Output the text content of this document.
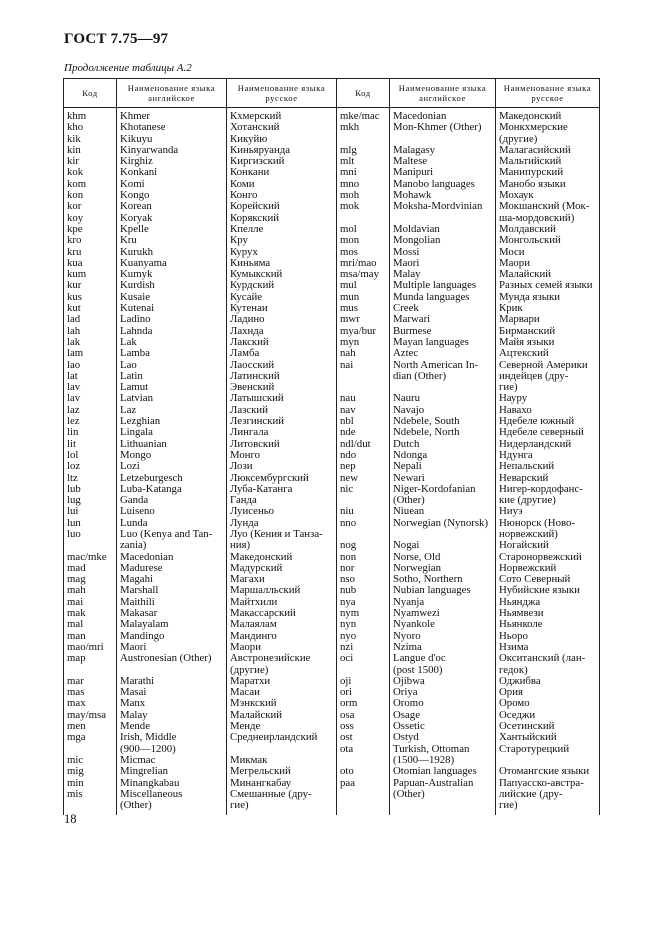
ГОСТ 7.75—97
Продолжение таблицы А.2
Код	Наименование языка английское	Наименование языка русское	Код	Наименование языка английское	Наименование языка русское
khm	Khmer	Кхмерский	mke/mac	Macedonian	Македонский
kho	Khotanese	Хотанский	mkh	Mon-Khmer (Other)	Монкхмерские
kik	Kikuyu	Кикуйю			(другие)
kin	Kinyarwanda	Киньяруанда	mlg	Malagasy	Малагасийский
kir	Kirghiz	Киргизский	mlt	Maltese	Мальтийский
kok	Konkani	Конкани	mni	Manipuri	Манипурский
kom	Komi	Коми	mno	Manobo languages	Манобо языки
kon	Kongo	Конго	moh	Mohawk	Мохаук
kor	Korean	Корейский	mok	Moksha-Mordvinian	Мокшанский (Мок-
koy	Koryak	Корякский			ша-мордовский)
kpe	Kpelle	Кпелле	mol	Moldavian	Молдавский
kro	Kru	Кру	mon	Mongolian	Монгольский
kru	Kurukh	Курух	mos	Mossi	Моси
kua	Kuanyama	Киньяма	mri/mao	Maori	Маори
kum	Kumyk	Кумыкский	msa/may	Malay	Малайский
kur	Kurdish	Курдский	mul	Multiple languages	Разных семей языки
kus	Kusaie	Кусайе	mun	Munda languages	Мунда языки
kut	Kutenai	Кутенаи	mus	Creek	Крик
lad	Ladino	Ладино	mwr	Marwari	Марвари
lah	Lahnda	Лахнда	mya/bur	Burmese	Бирманский
lak	Lak	Лакский	myn	Mayan languages	Майя языки
lam	Lamba	Ламба	nah	Aztec	Ацтекский
lao	Lao	Лаосский	nai	North American In-	Северной Америки
lat	Latin	Латинский		dian (Other)	индейцев (дру-
lav	Lamut	Эвенский			гие)
lav	Latvian	Латышский	nau	Nauru	Науру
laz	Laz	Лазский	nav	Navajo	Навахо
lez	Lezghian	Лезгинский	nbl	Ndebele, South	Ндебеле южный
lin	Lingala	Лингала	nde	Ndebele, North	Ндебеле северный
lit	Lithuanian	Литовский	ndl/dut	Dutch	Нидерландский
lol	Mongo	Монго	ndo	Ndonga	Ндунга
loz	Lozi	Лози	nep	Nepali	Непальский
ltz	Letzeburgesch	Люксембургский	new	Newari	Неварский
lub	Luba-Katanga	Луба-Катанга	nic	Niger-Kordofanian	Нигер-кордофанс-
lug	Ganda	Ганда		(Other)	кие (другие)
lui	Luiseno	Луисеньо	niu	Niuean	Ниуэ
lun	Lunda	Лунда	nno	Norwegian (Nynorsk)	Нюнорск (Ново-
luo	Luo (Kenya and Tan-	Луо (Кения и Танза-			норвежский)
	zania)	ния)	nog	Nogai	Ногайский
mac/mke	Macedonian	Македонский	non	Norse, Old	Старонорвежский
mad	Madurese	Мадурский	nor	Norwegian	Норвежский
mag	Magahi	Магахи	nso	Sotho, Northern	Сото Северный
mah	Marshall	Маршалльский	nub	Nubian languages	Нубийские языки
mai	Maithili	Майтхили	nya	Nyanja	Ньянджа
mak	Makasar	Макассарский	nym	Nyamwezi	Ньямвези
mal	Malayalam	Малаялам	nyn	Nyankole	Ньянколе
man	Mandingo	Мандинго	nyo	Nyoro	Ньоро
mao/mri	Maori	Маори	nzi	Nzima	Нзима
map	Austronesian (Other)	Австронезийские	oci	Langue d'oc	Окситанский (лан-
		(другие)		(post 1500)	гедок)
mar	Marathi	Маратхи	oji	Ojibwa	Оджибва
mas	Masai	Масаи	ori	Oriya	Ория
max	Manx	Мэнкский	orm	Oromo	Оромо
may/msa	Malay	Малайский	osa	Osage	Оседжи
men	Mende	Менде	oss	Ossetic	Осетинский
mga	Irish, Middle	Среднеирландский	ost	Ostyd	Хантыйский
	(900—1200)		ota	Turkish, Ottoman	Старотурецкий
mic	Micmac	Микмак		(1500—1928)	
mig	Mingrelian	Мегрельский	oto	Otomian languages	Отомангские языки
min	Minangkabau	Минангкабау	paa	Papuan-Australian	Папуасско-австра-
mis	Miscellaneous	Смешанные (дру-		(Other)	лийские (дру-
	(Other)	гие)			гие)
18
